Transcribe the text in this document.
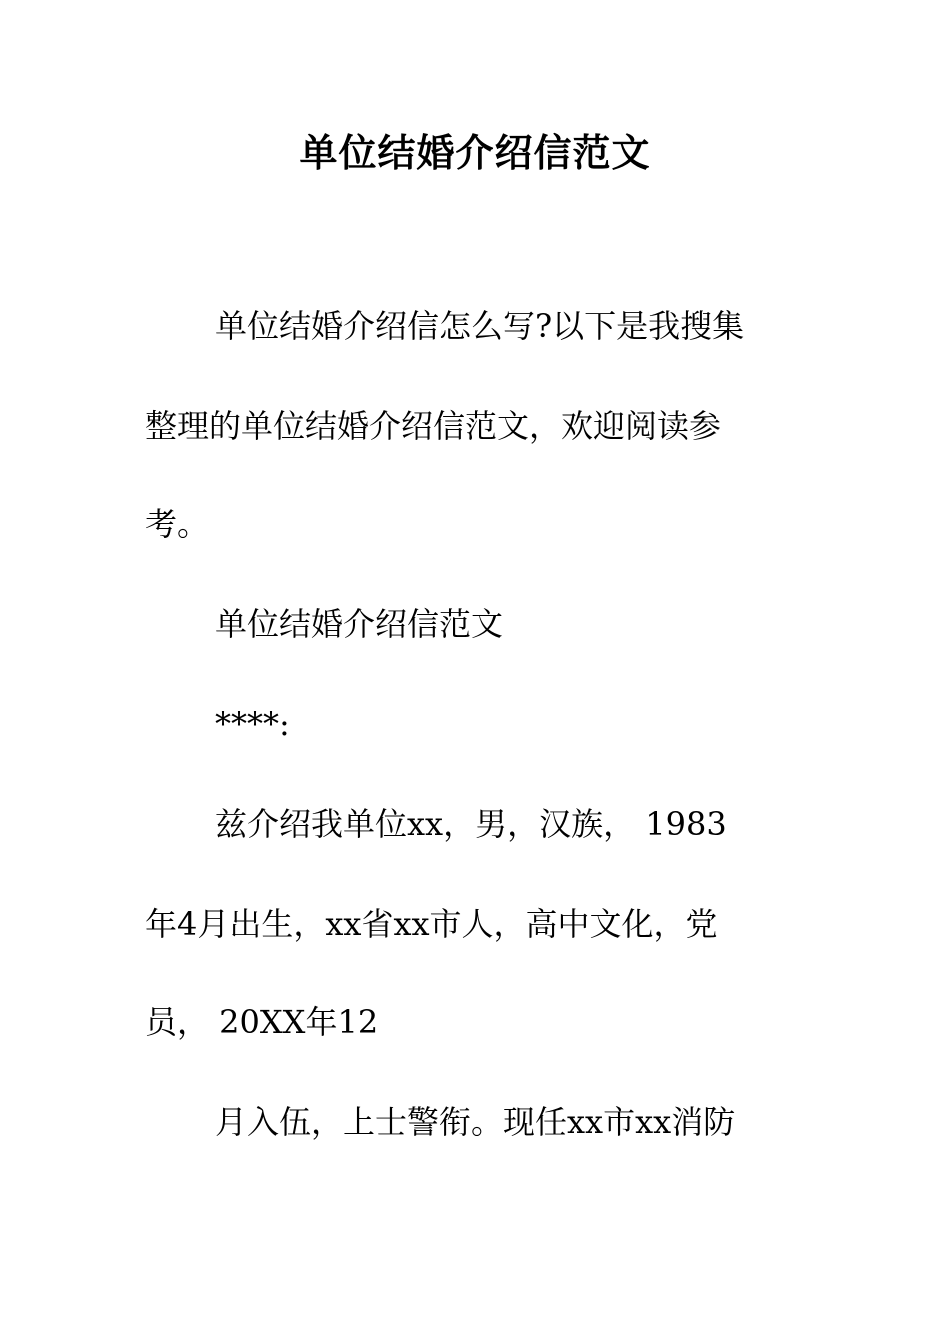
单位结婚介绍信范文
单位结婚介绍信怎么写?以下是我搜集
整理的单位结婚介绍信范文，欢迎阅读参
考。
单位结婚介绍信范文
****:
兹介绍我单位xx，男，汉族， 1983
年4月出生，xx省xx市人，高中文化，党
员， 20XX年12
月入伍，上士警衔。现任xx市xx消防
